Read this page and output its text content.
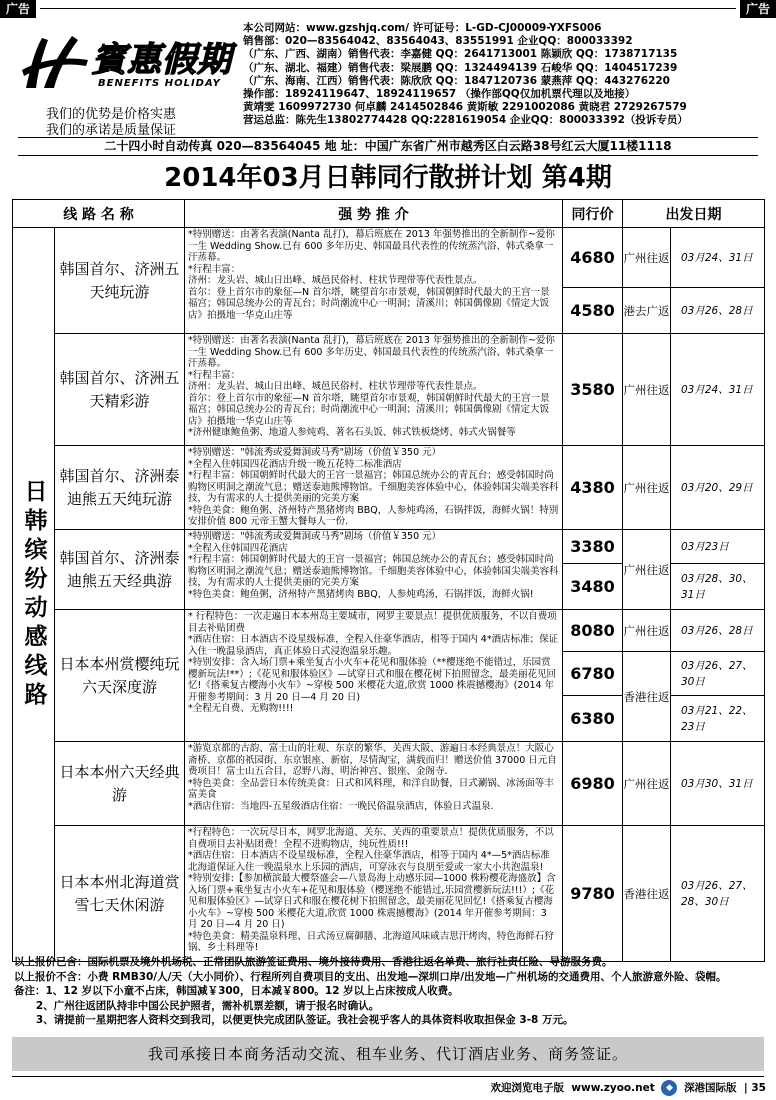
广告	广告
賓惠假期
BENEFITS HOLIDAY
我们的优势是价格实惠
我们的承诺是质量保证
本公司网站：www.gzshjq.com/ 许可证号：L-GD-CJ00009-YXFS006
销售部：020—83564042、83564043、83551991 企业QQ：800033392
（广东、广西、湖南）销售代表：李嘉健 QQ：2641713001 陈颖欣 QQ：1738717135
（广东、湖北、福建）销售代表：梁展鹏 QQ：1324494139 石峻华 QQ：1404517239
（广东、海南、江西）销售代表：陈欣欣 QQ：1847120736 蒙燕萍 QQ：443276220
操作部：18924119647、18924119657 （操作部QQ仅加机票代理以及地接）
黄靖雯 1609972730 何卓麟 2414502846 黄斯敏 2291002086 黄晓君 2729267579
营运总监：陈先生13802774428 QQ:2281619054 企业QQ：800033392（投诉专员）
二十四小时自动传真 020—83564045 地 址：中国广东省广州市越秀区白云路38号红云大厦11楼1118
2014年03月日韩同行散拼计划 第4期
线 路 名 称		强 势 推 介	同行价	出发日期	
日韩缤纷动感线路	韩国首尔、济洲五天纯玩游	*特别赠送：由著名表演(Nanta 乱打)，幕后班底在 2013 年强势推出的全新制作~爱你一生 Wedding Show.已有 600 多年历史、韩国最具代表性的传统蒸汽浴、韩式桑拿一汗蒸幕。
*行程丰富：
济州：龙头岩、城山日出峰、城邑民俗村、柱状节理带等代表性景点。
首尔：登上首尔市的象征—N 首尔塔，眺望首尔市景观，韩国朝鲜时代最大的王宫一景福宫；韩国总统办公的青瓦台；时尚潮流中心一明洞；清溪川；韩国偶像剧《情定大饭店》拍摄地一华克山庄等	4680	广州往返	03月24、31日
			4580	港去广返	03月26、28日
	韩国首尔、济洲五天精彩游	*特别赠送：由著名表演(Nanta 乱打)，幕后班底在 2013 年强势推出的全新制作~爱你一生 Wedding Show.已有 600 多年历史、韩国最具代表性的传统蒸汽浴、韩式桑拿一汗蒸幕。
*行程丰富：
济州：龙头岩、城山日出峰、城邑民俗村、柱状节理带等代表性景点。
首尔：登上首尔市的象征—N 首尔塔，眺望首尔市景观，韩国朝鲜时代最大的王宫一景福宫；韩国总统办公的青瓦台；时尚潮流中心一明洞；清溪川；韩国偶像剧《情定大饭店》拍摄地一华克山庄等
*济州健康鲍鱼粥、地道人参炖鸡、著名石头饭、韩式铁板烧烤、韩式火锅餐等	3580	广州往返	03月24、31日
	韩国首尔、济洲泰迪熊五天纯玩游	*特别赠送："韩流秀或爱舞洞或马秀"剧场（价值￥350 元）
*全程入住韩国四花酒店升级一晚五花特二标准酒店
*行程丰富：韩国朝鲜时代最大的王宫一景福宫；韩国总统办公的青瓦台；感受韩国时尚购物区明洞之潮流气息；赠送泰迪熊博物馆。千细胞美容体验中心，体验韩国尖端美容科技，为有需求的人士提供美丽的完美方案
*特色美食：鲍鱼粥、济州特产黑猪烤肉 BBQ，人参炖鸡汤，石锅拌饭，海鲜火锅！特别安排价值 800 元帝王蟹大餐每人一份.	4380	广州往返	03月20、29日
	韩国首尔、济洲泰迪熊五天经典游	*特别赠送："韩流秀或爱舞洞或马秀"剧场（价值￥350 元）
*全程入住韩国四花酒店
*行程丰富：韩国朝鲜时代最大的王宫一景福宫；韩国总统办公的青瓦台；感受韩国时尚购物区明洞之潮流气息；赠送泰迪熊博物馆。千细胞美容体验中心，体验韩国尖端美容科技，为有需求的人士提供美丽的完美方案
*特色美食：鲍鱼粥，济州特产黑猪烤肉 BBQ，人参炖鸡汤，石锅拌饭，海鲜火锅!	3380	广州往返	03月23日
			3480		03月28、30、31日
	日本本州赏樱纯玩六天深度游	* 行程特色：一次走遍日本本州岛主要城市，网罗主要景点！提供优质服务，不以自费项目去补贴团费
*酒店住宿：日本酒店不设星级标准，全程入住豪华酒店，相等于国内 4*酒店标准；保证入住一晚温泉酒店，真正体验日式浸泡温泉乐趣。
*特别安排：含入场门票+乘坐复古小火车+花见和服体验（**樱迷绝不能错过，乐园赏樱新玩法!**）;《花见和服体验区》—试穿日式和服在樱花树下拍照留念，最美丽花见回忆!《搭乘复古樱海小火车》~穿梭 500 米樱花大道,欣赏 1000 株震撼樱海》(2014 年开催参考期间：3 月 20 日—4 月 20 日)
*全程无自费、无购物!!!!	8080	广州往返	03月26、28日
			6780	香港往返	03月26、27、30日
			6380		03月21、22、23日
	日本本州六天经典游	*游览京都的古韵、富士山的壮观、东京的繁华、关西大阪、游遍日本经典景点！大阪心斋桥、京都的祇园街、东京银座、新宿，尽情淘宝，满载而归！赠送价值 37000 日元自费项目！富士山五合目，忍野八海、明治神宫、银座、金阁寺.
*特色美食：全品尝日本传统美食：日式和风料理，和洋自助餐，日式涮锅、冰汤面等丰富美食
*酒店住宿：当地四-五星级酒店住宿：一晚民俗温泉酒店，体验日式温泉.	6980	广州往返	03月30、31日
	日本本州北海道赏雪七天休闲游	*行程特色：一次玩尽日本，网罗北海道、关东、关西的重要景点！提供优质服务，不以自费项目去补贴团费！全程不进购物店，纯玩性质!!!
*酒店住宿：日本酒店不设星级标准，全程入住豪华酒店，相等于国内 4*—5*酒店标准北海道保证入住一晚温泉水上乐园的酒店，可穿泳衣与良朋至爱或一家大小共泡温泉!
*特别安排:【参加横滨最大樱祭盛会—八景岛海上动感乐园—1000 株粉樱花海盛放】含入场门票+乘坐复古小火车+花见和服体验（樱迷绝不能错过,乐园赏樱新玩法!!!）;《花见和服体验区》—试穿日式和服在樱花树下拍照留念，最美丽花见回忆!《搭乘复古樱海小火车》~穿梭 500 米樱花大道,欣赏 1000 株震撼樱海》(2014 年开催参考期间：3 月 20 日—4 月 20 日)
*特色美食：精美温泉料理、日式汤豆腐御膳、北海道风味咸吉思汗烤肉、特色海鲜石狩锅、乡土料理等!	9780	香港往返	03月26、27、28、30日
以上报价已含：国际机票及境外机场税、正常团队旅游签证费用、境外接待费用、香港往返名单费、旅行社责任险、导游服务费。
以上报价不含：小费 RMB30/人/天（大小同价）、行程所列自费项目的支出、出发地—深圳口岸/出发地—广州机场的交通费用、个人旅游意外险、袋帽。
备注：1、12 岁以下小童不占床，韩国减￥300，日本减￥800。12 岁以上占床按成人收费。
2、广州往返团队持非中国公民护照者，需补机票差额，请于报名时确认。
3、请提前一星期把客人资料交到我司，以便更快完成团队签证。我社会视乎客人的具体资料收取担保金 3-8 万元。
我司承接日本商务活动交流、租车业务、代订酒店业务、商务签证。
欢迎浏览电子版 www.zyoo.net ◆ 深港国际版  | 35
